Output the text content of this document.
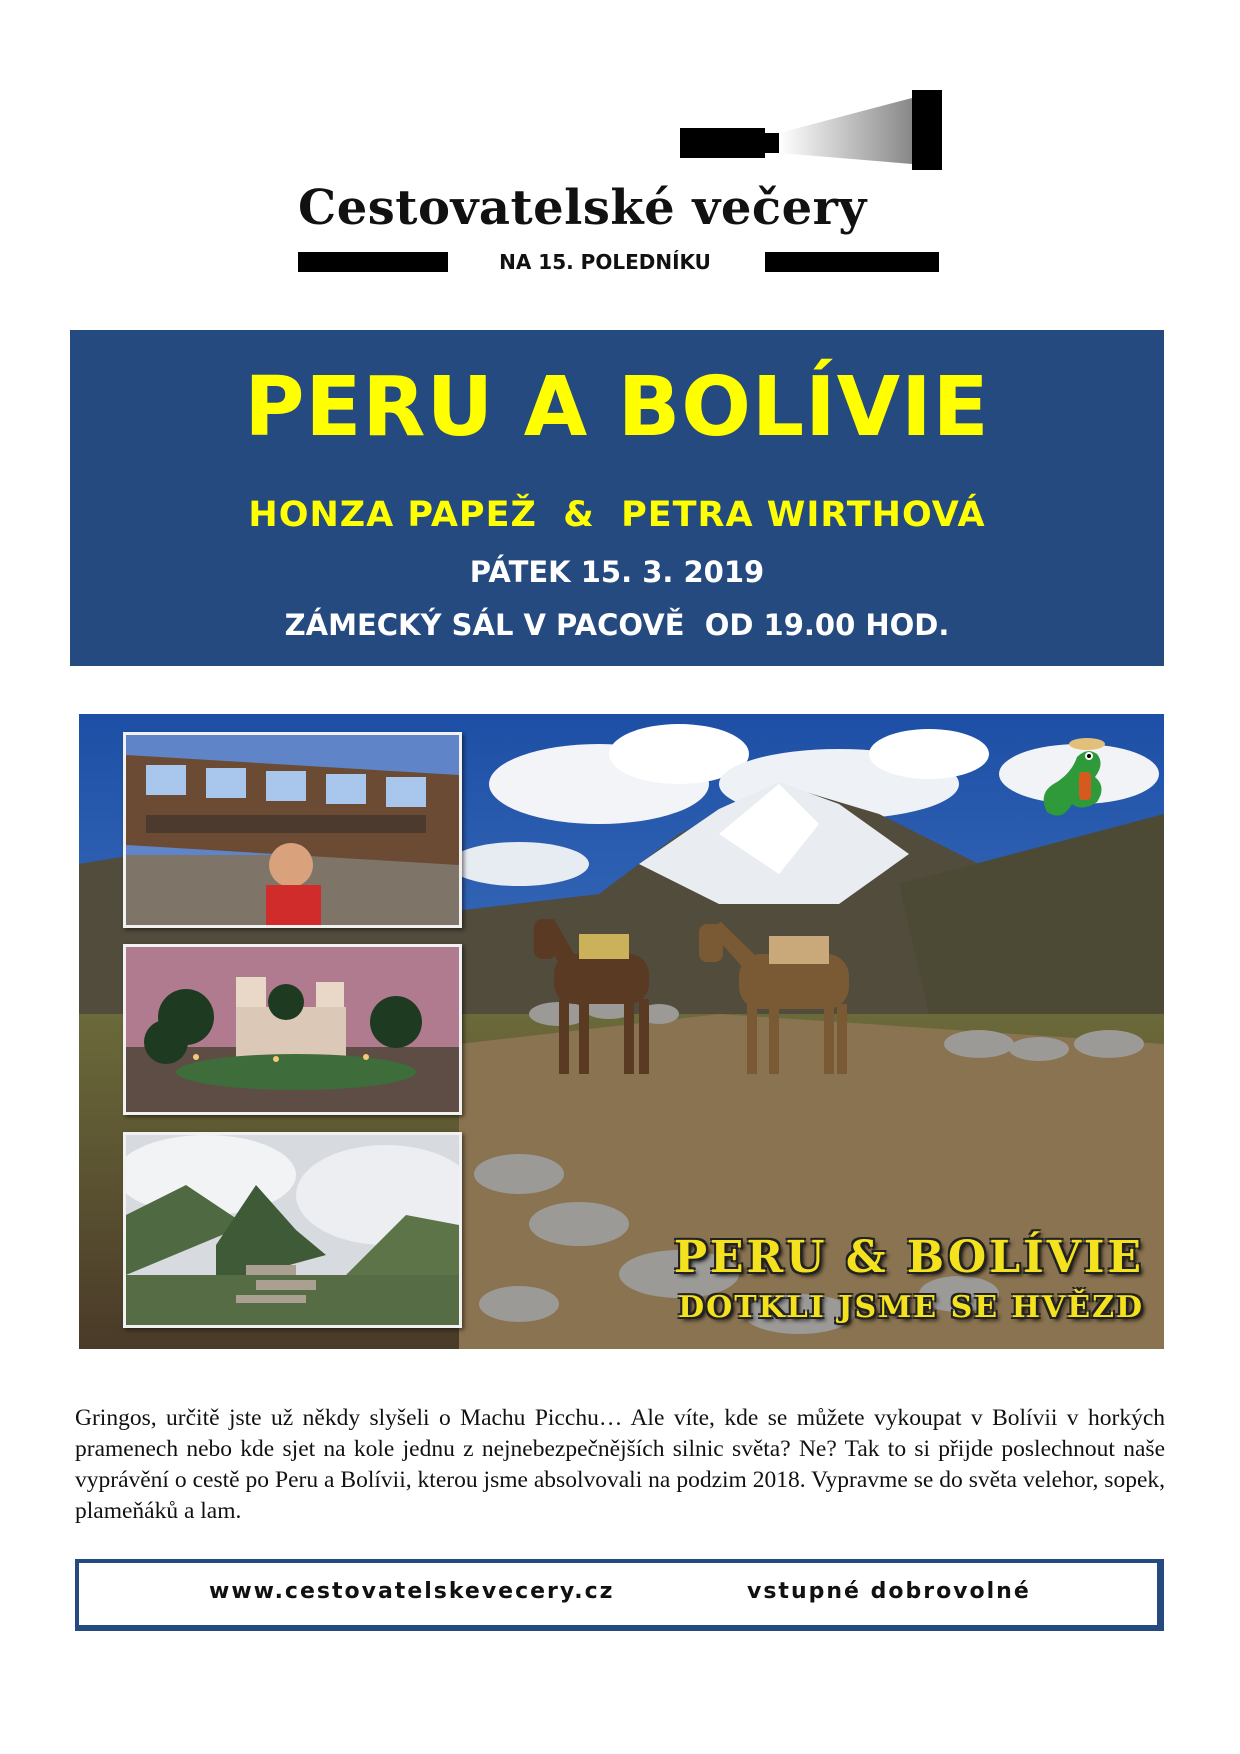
Cestovatelské večery
NA 15. POLEDNÍKU
PERU A BOLÍVIE
HONZA PAPEŽ  &  PETRA WIRTHOVÁ
PÁTEK 15. 3. 2019
ZÁMECKÝ SÁL V PACOVĚ  OD 19.00 HOD.
PERU & BOLÍVIE
DOTKLI JSME SE HVĚZD

Gringos, určitě jste už někdy slyšeli o Machu Picchu… Ale víte, kde se můžete vykoupat v Bolívii v horkých pramenech nebo kde sjet na kole jednu z nejnebezpečnějších silnic světa? Ne? Tak to si přijde poslechnout naše vyprávění o cestě po Peru a Bolívii, kterou jsme absolvovali na podzim 2018. Vypravme se do světa velehor, sopek, plameňáků a lam.

www.cestovatelskevecery.cz	vstupné dobrovolné
